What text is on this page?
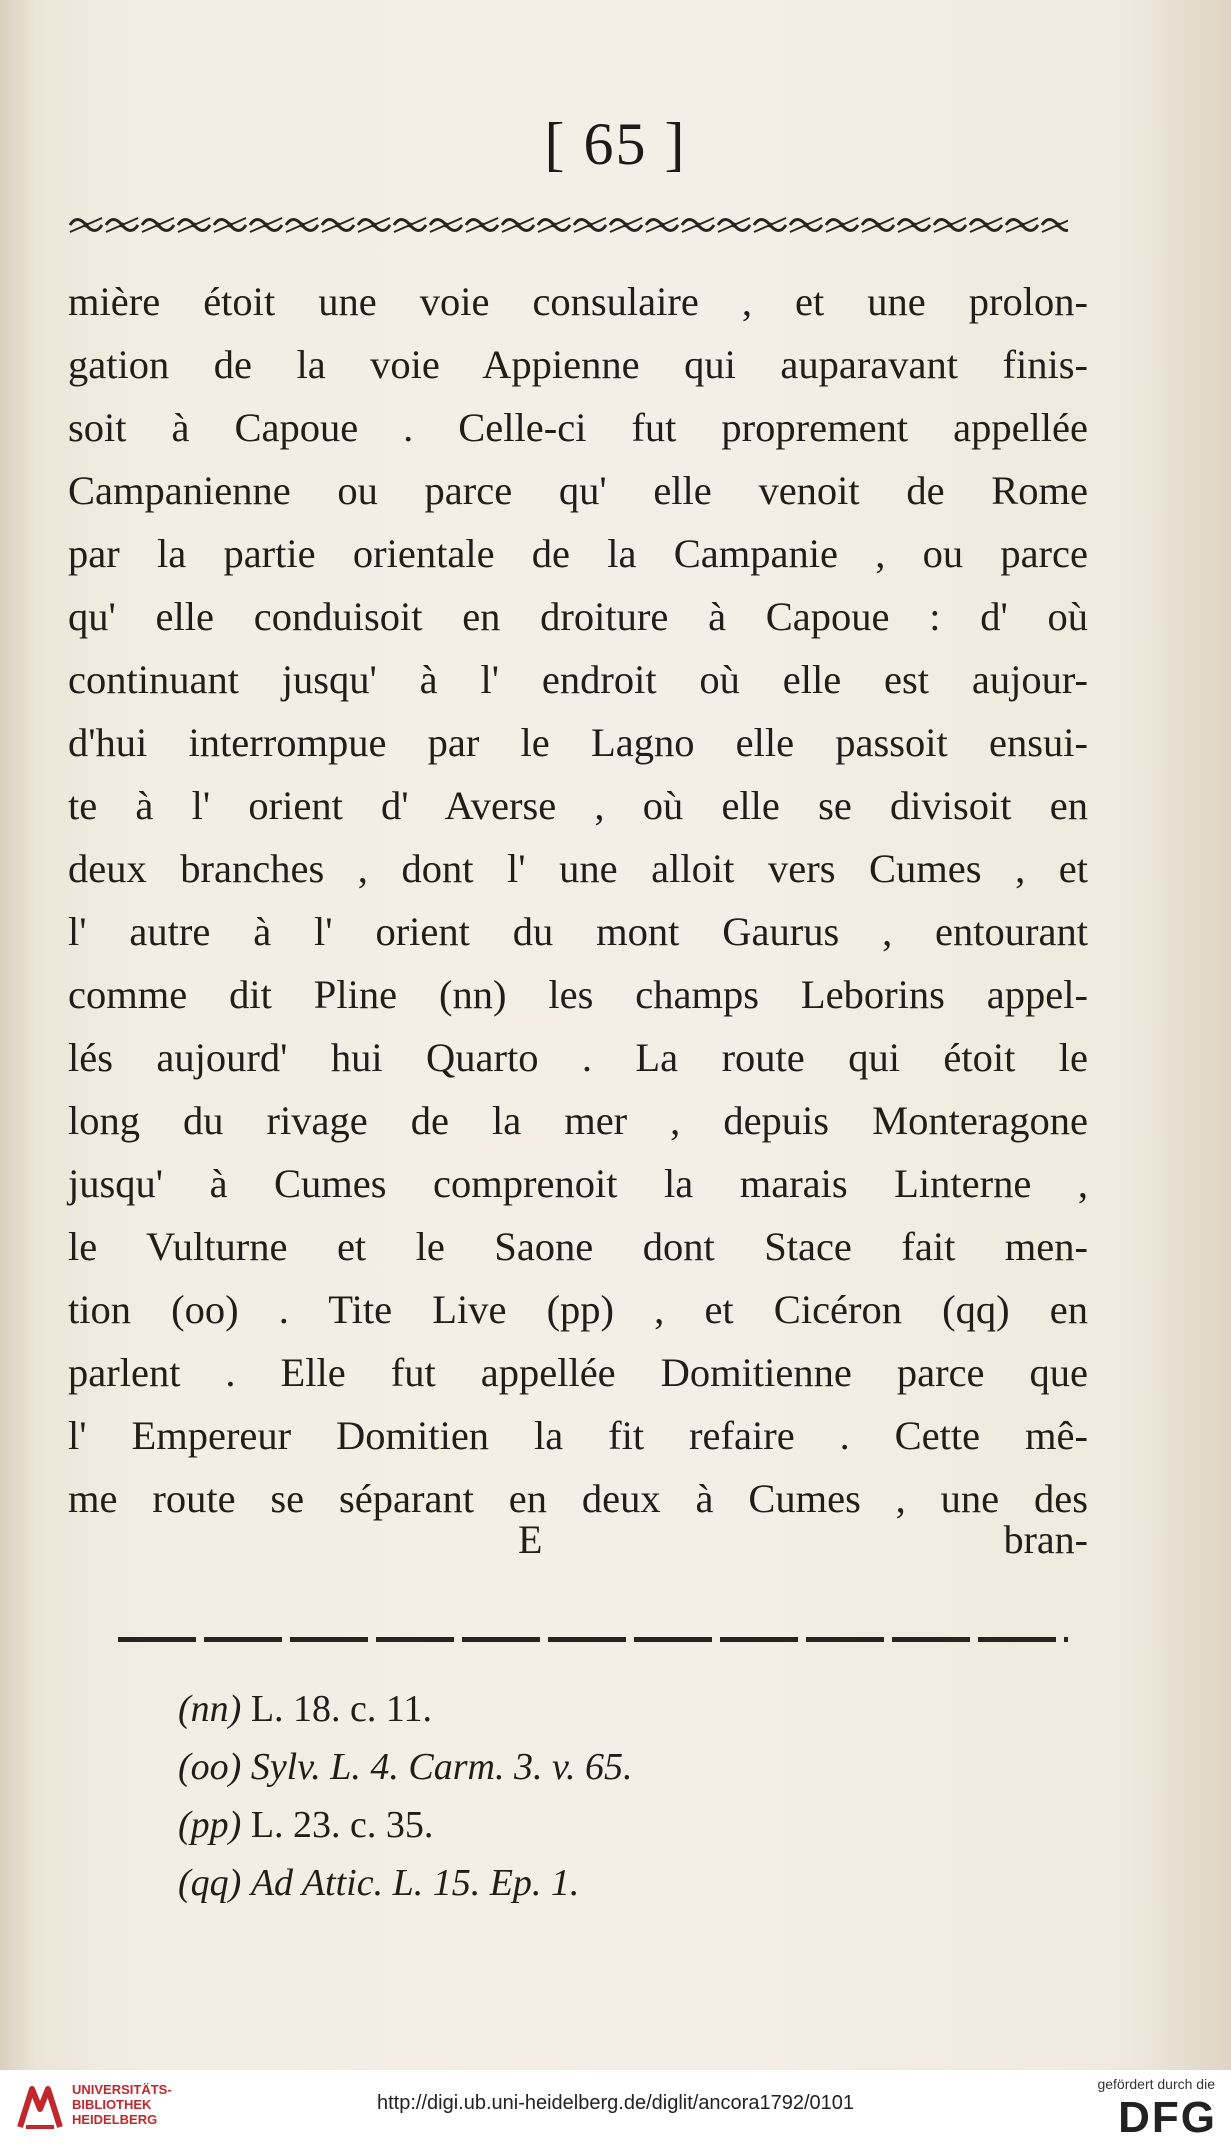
[ 65 ]
mière étoit une voie consulaire , et une prolon-
gation de la voie Appienne qui auparavant finis-
soit à Capoue . Celle-ci fut proprement appellée
Campanienne ou parce qu' elle venoit de Rome
par la partie orientale de la Campanie , ou parce
qu' elle conduisoit en droiture à Capoue : d' où
continuant jusqu' à l' endroit où elle est aujour-
d'hui interrompue par le Lagno elle passoit ensui-
te à l' orient d' Averse , où elle se divisoit en
deux branches , dont l' une alloit vers Cumes , et
l' autre à l' orient du mont Gaurus , entourant
comme dit Pline (nn) les champs Leborins appel-
lés aujourd' hui Quarto . La route qui étoit le
long du rivage de la mer , depuis Monteragone
jusqu' à Cumes comprenoit la marais Linterne ,
le Vulturne et le Saone dont Stace fait men-
tion (oo) . Tite Live (pp) , et Cicéron (qq) en
parlent . Elle fut appellée Domitienne parce que
l' Empereur Domitien la fit refaire . Cette mê-
me route se séparant en deux à Cumes , une des
E	bran-
(nn) L. 18. c. 11.
(oo) Sylv. L. 4. Carm. 3. v. 65.
(pp) L. 23. c. 35.
(qq) Ad Attic. L. 15. Ep. 1.
UNIVERSITÄTS-
BIBLIOTHEK
HEIDELBERG
http://digi.ub.uni-heidelberg.de/diglit/ancora1792/0101
gefördert durch die
DFG
